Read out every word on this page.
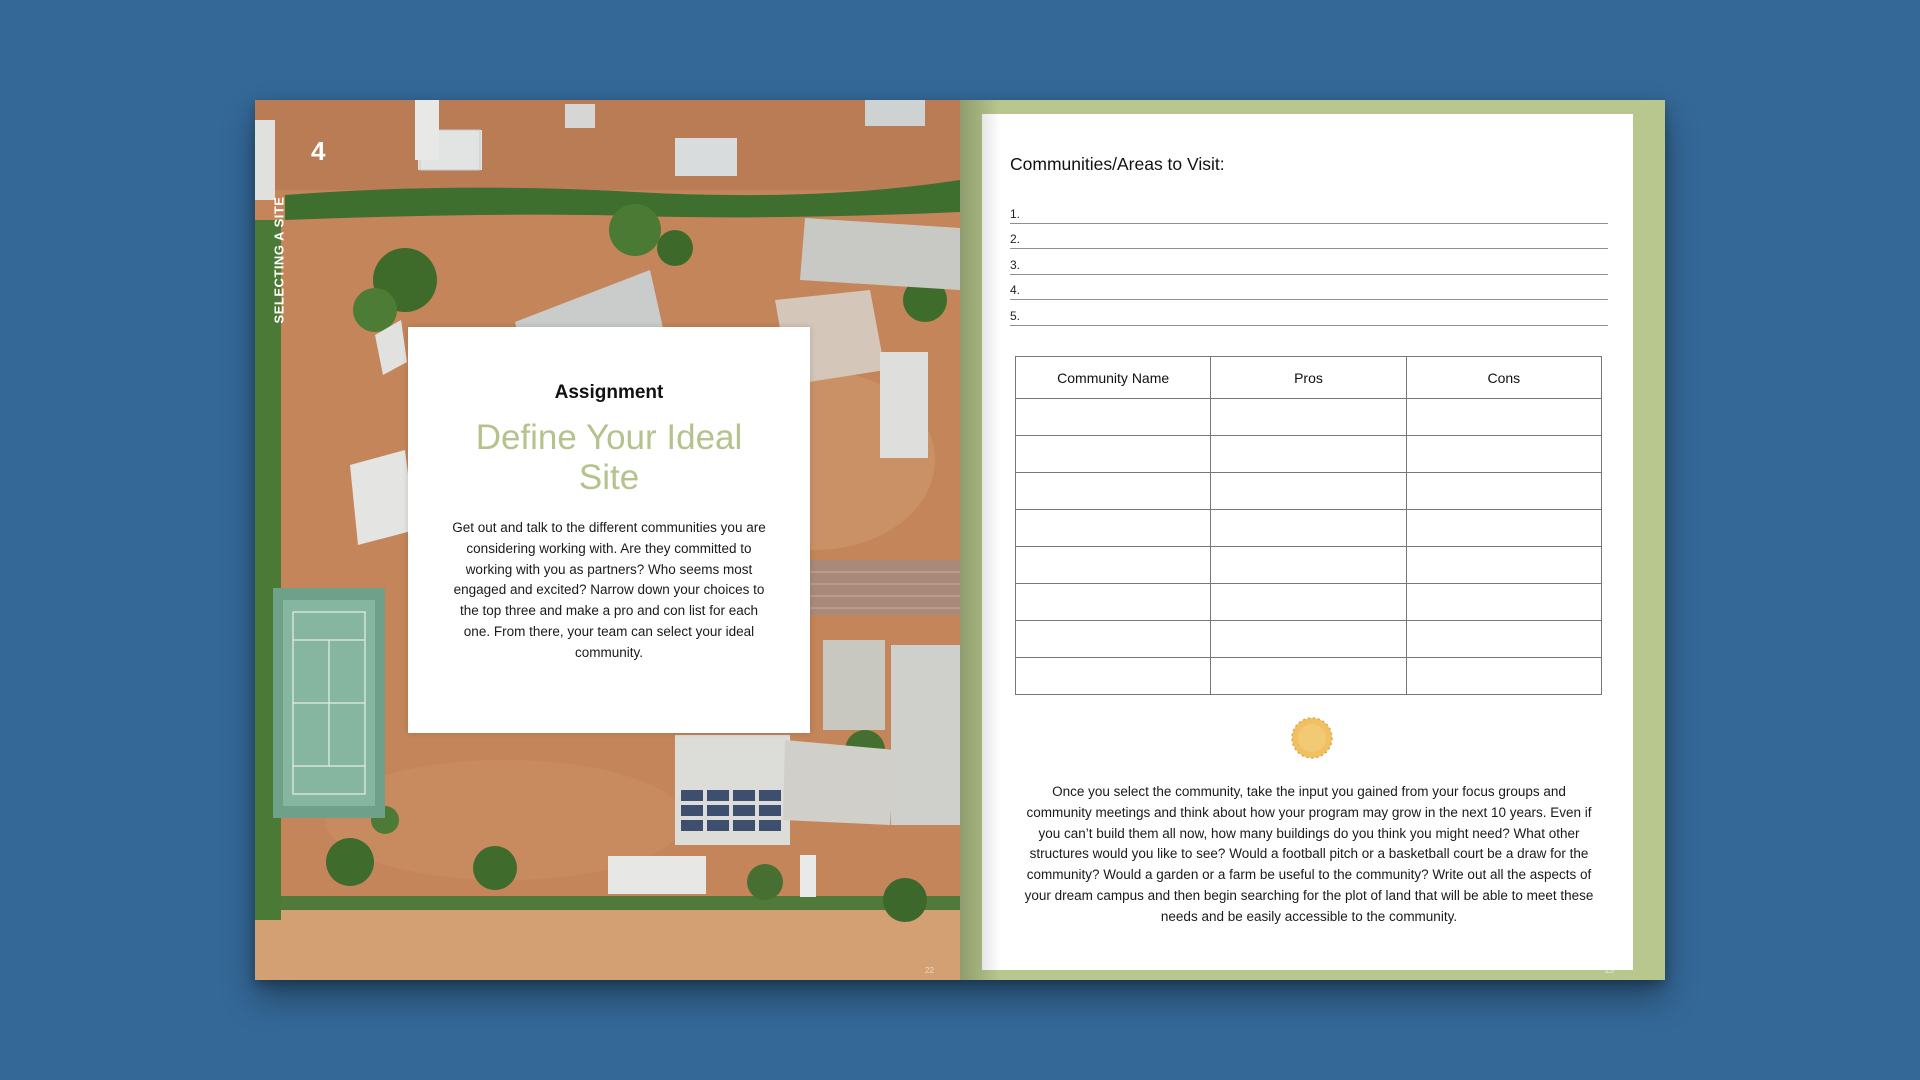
SELECTING A SITE
4
22
Assignment
Define Your Ideal Site
Get out and talk to the different communities you are considering working with. Are they committed to working with you as partners? Who seems most engaged and excited? Narrow down your choices to the top three and make a pro and con list for each one. From there, your team can select your ideal community.
Communities/Areas to Visit:
1.
2.
3.
4.
5.
Community Name	Pros	Cons

Once you select the community, take the input you gained from your focus groups and community meetings and think about how your program may grow in the next 10 years. Even if you can’t build them all now, how many buildings do you think you might need? What other structures would you like to see? Would a football pitch or a basketball court be a draw for the community? Would a garden or a farm be useful to the community? Write out all the aspects of your dream campus and then begin searching for the plot of land that will be able to meet these needs and be easily accessible to the community.
23
